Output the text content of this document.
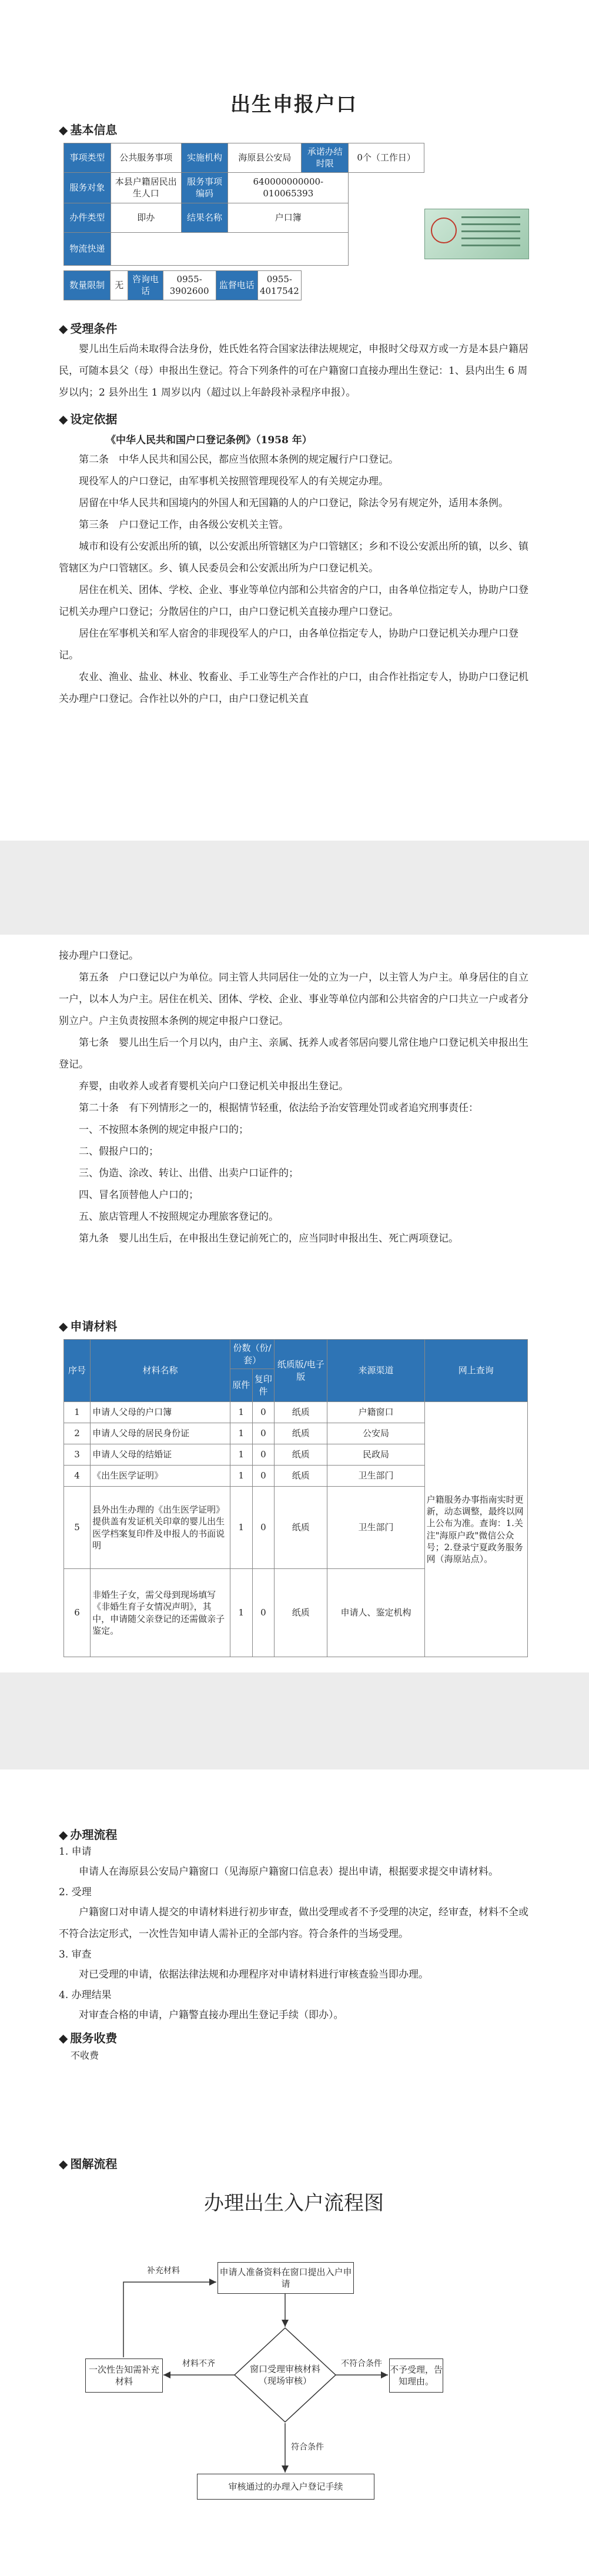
出生申报户口

◆ 基本信息

事项类型	公共服务事项	实施机构	海原县公安局	承诺办结时限	0个（工作日）
服务对象	本县户籍居民出生人口	服务事项编码	640000000000-010065393		
办件类型	即办	结果名称	户口簿		
物流快递					
数量限制	无	咨询电话	0955-3902600	监督电话	0955-4017542		

◆ 受理条件

婴儿出生后尚未取得合法身份，姓氏姓名符合国家法律法规规定，申报时父母双方或一方是本县户籍居民，可随本县父（母）申报出生登记。符合下列条件的可在户籍窗口直接办理出生登记：1、县内出生 6 周岁以内；2 县外出生 1 周岁以内（超过以上年龄段补录程序申报）。

◆ 设定依据

《中华人民共和国户口登记条例》（1958 年）

第二条　中华人民共和国公民，都应当依照本条例的规定履行户口登记。

现役军人的户口登记，由军事机关按照管理现役军人的有关规定办理。

居留在中华人民共和国境内的外国人和无国籍的人的户口登记，除法令另有规定外，适用本条例。

第三条　户口登记工作，由各级公安机关主管。

城市和设有公安派出所的镇，以公安派出所管辖区为户口管辖区；乡和不设公安派出所的镇，以乡、镇管辖区为户口管辖区。乡、镇人民委员会和公安派出所为户口登记机关。

居住在机关、团体、学校、企业、事业等单位内部和公共宿舍的户口，由各单位指定专人，协助户口登记机关办理户口登记；分散居住的户口，由户口登记机关直接办理户口登记。

居住在军事机关和军人宿舍的非现役军人的户口，由各单位指定专人，协助户口登记机关办理户口登记。

农业、渔业、盐业、林业、牧畜业、手工业等生产合作社的户口，由合作社指定专人，协助户口登记机关办理户口登记。合作社以外的户口，由户口登记机关直

接办理户口登记。

第五条　户口登记以户为单位。同主管人共同居住一处的立为一户，以主管人为户主。单身居住的自立一户，以本人为户主。居住在机关、团体、学校、企业、事业等单位内部和公共宿舍的户口共立一户或者分别立户。户主负责按照本条例的规定申报户口登记。

第七条　婴儿出生后一个月以内，由户主、亲属、抚养人或者邻居向婴儿常住地户口登记机关申报出生登记。

弃婴，由收养人或者育婴机关向户口登记机关申报出生登记。

第二十条　有下列情形之一的，根据情节轻重，依法给予治安管理处罚或者追究刑事责任：

一、不按照本条例的规定申报户口的；

二、假报户口的；

三、伪造、涂改、转让、出借、出卖户口证件的；

四、冒名顶替他人户口的；

五、旅店管理人不按照规定办理旅客登记的。

第九条　婴儿出生后，在申报出生登记前死亡的，应当同时申报出生、死亡两项登记。

◆ 申请材料

序号	材料名称	份数（份/套）		纸质版/电子版	来源渠道	网上查询
		原件	复印件			
1	申请人父母的户口簿	1	0	纸质	户籍窗口	户籍服务办事指南实时更新，动态调整，最终以网上公布为准。查询：1.关注"海原户政"微信公众号；2.登录宁夏政务服务网（海原站点）。
2	申请人父母的居民身份证	1	0	纸质	公安局	
3	申请人父母的结婚证	1	0	纸质	民政局	
4	《出生医学证明》	1	0	纸质	卫生部门	
5	县外出生办理的《出生医学证明》提供盖有发证机关印章的婴儿出生医学档案复印件及申报人的书面说明	1	0	纸质	卫生部门	
6	非婚生子女，需父母到现场填写《非婚生育子女情况声明》，其中，申请随父亲登记的还需做亲子鉴定。	1	0	纸质	申请人、鉴定机构	

◆ 办理流程

1. 申请

申请人在海原县公安局户籍窗口（见海原户籍窗口信息表）提出申请，根据要求提交申请材料。

2. 受理

户籍窗口对申请人提交的申请材料进行初步审查，做出受理或者不予受理的决定，经审查，材料不全或不符合法定形式，一次性告知申请人需补正的全部内容。符合条件的当场受理。

3. 审查

对已受理的申请，依据法律法规和办理程序对申请材料进行审核查验当即办理。

4. 办理结果

对审查合格的申请，户籍警直接办理出生登记手续（即办）。

◆ 服务收费

不收费

◆ 图解流程

办理出生入户流程图
申请人准备资料在窗口提出入户申请
一次性告知需补充材料
窗口受理审核材料（现场审核）
不予受理，告知理由。
审核通过的办理入户登记手续
补充材料
材料不齐	不符合条件
符合条件
